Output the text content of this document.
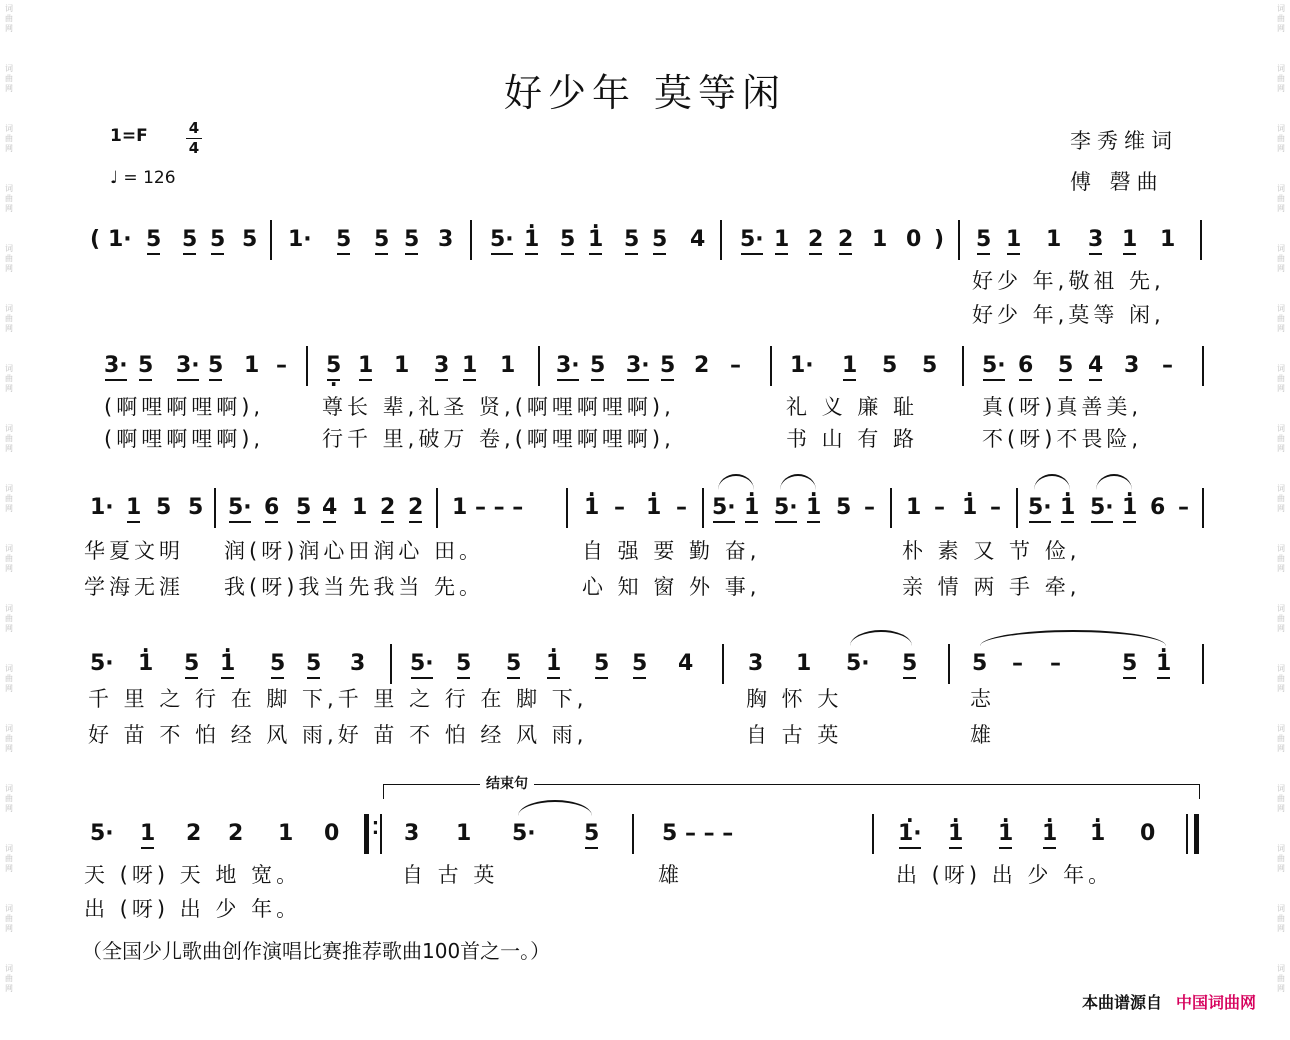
词
曲
网
词
曲
网
词
曲
网
词
曲
网
词
曲
网
词
曲
网
词
曲
网
词
曲
网
词
曲
网
词
曲
网
词
曲
网
词
曲
网
词
曲
网
词
曲
网
词
曲
网
词
曲
网
词
曲
网
词
曲
网
词
曲
网
词
曲
网
词
曲
网
词
曲
网
词
曲
网
词
曲
网
词
曲
网
词
曲
网
词
曲
网
词
曲
网
词
曲
网
词
曲
网
词
曲
网
词
曲
网
词
曲
网
词
曲
网
好少年 莫等闲
1=F	4
4
♩ = 126
李秀维词
傅 磬曲
( 1· 5 5 5 5 1· 5 5 5 3 5· · 1 5 · 1 5 5 4 5· 1 2 2 1 0 ) 5 1 1 3 1 1
好少 年,敬祖 先,
好少 年,莫等 闲,
3· 5 3· 5 1 – · 5 1 1 3 1 1 3· 5 3· 5 2 – 1· 1 5 5 5· 6 5 4 3 –
(啊哩啊哩啊),	尊长 辈,礼圣 贤,(啊哩啊哩啊),	礼 义 廉 耻	真(呀)真善美,
(啊哩啊哩啊),	行千 里,破万 卷,(啊哩啊哩啊),	书 山 有 路	不(呀)不畏险,
1· 1 5 5 5· 6 5 4 1 2 2 1 – – –	· 1 – · 1 – 5· · 1 5· · 1 5 – 1 – · 1 – 5· · 1 5· · 1 6 –
华夏文明 润(呀)润心田润心 田。	自 强 要 勤 奋,	朴 素 又 节 俭,
学海无涯 我(呀)我当先我当 先。	心 知 窗 外 事,	亲 情 两 手 牵,
5· · 1 5 · 1 5 5 3 5· 5 5 · 1 5 5 4 3 1 5· 5 5 – –	5 · 1
千 里 之 行 在 脚 下,千 里 之 行 在 脚 下,	胸 怀 大	志
好 苗 不 怕 经 风 雨,好 苗 不 怕 经 风 雨,	自 古 英	雄
5· 1 2 2 1 0 ⁚ 3 1 5· 5	5 – – –	· 1· · 1 · 1 · 1 · 1 0
天 (呀) 天 地 宽。	自 古 英	雄	出 (呀) 出 少 年。
出 (呀) 出 少 年。
结束句
（全国少儿歌曲创作演唱比赛推荐歌曲100首之一。）
本曲谱源自 中国词曲网
